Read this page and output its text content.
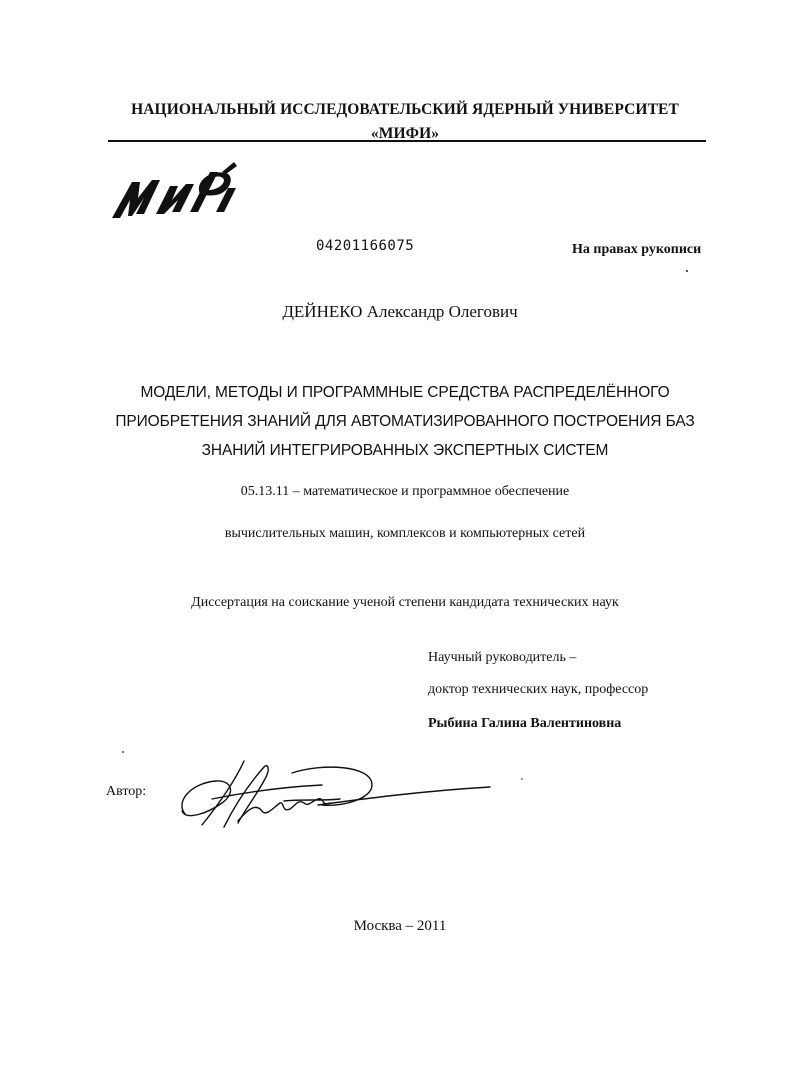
НАЦИОНАЛЬНЫЙ ИССЛЕДОВАТЕЛЬСКИЙ ЯДЕРНЫЙ УНИВЕРСИТЕТ
«МИФИ»
04201166075	На правах рукописи
ДЕЙНЕКО Александр Олегович
МОДЕЛИ, МЕТОДЫ И ПРОГРАММНЫЕ СРЕДСТВА РАСПРЕДЕЛЁННОГО
ПРИОБРЕТЕНИЯ ЗНАНИЙ ДЛЯ АВТОМАТИЗИРОВАННОГО ПОСТРОЕНИЯ БАЗ
ЗНАНИЙ ИНТЕГРИРОВАННЫХ ЭКСПЕРТНЫХ СИСТЕМ
05.13.11 – математическое и программное обеспечение
вычислительных машин, комплексов и компьютерных сетей
Диссертация на соискание ученой степени кандидата технических наук
Научный руководитель –
доктор технических наук, профессор
Рыбина Галина Валентиновна
Автор:
Москва – 2011
